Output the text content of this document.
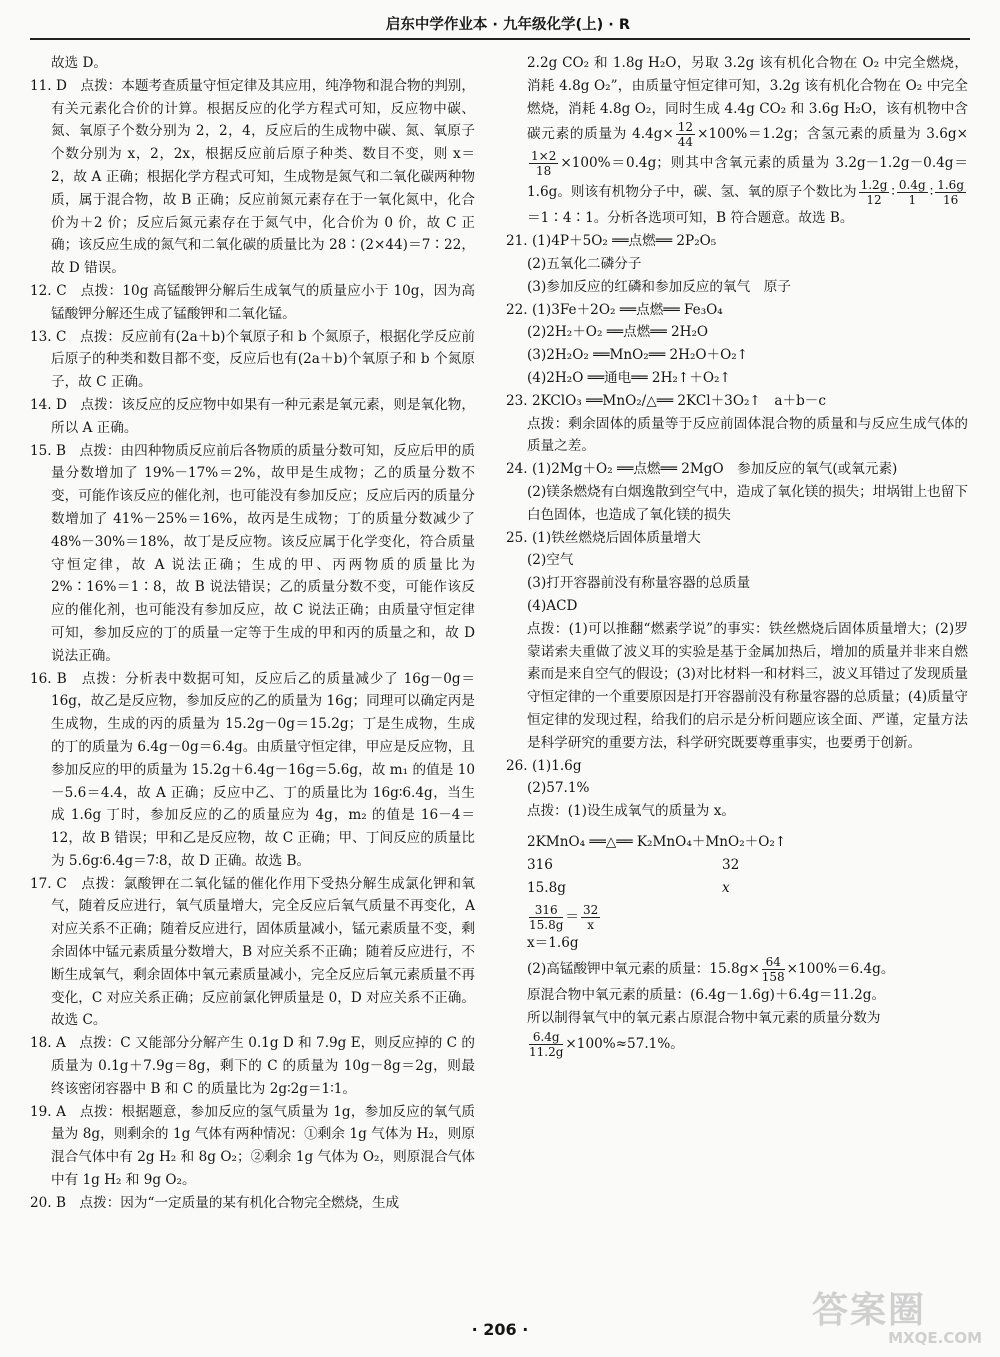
启东中学作业本 · 九年级化学(上) · R

故选 D。

11. D　点拨：本题考查质量守恒定律及其应用，纯净物和混合物的判别，有关元素化合价的计算。根据反应的化学方程式可知，反应物中碳、氮、氧原子个数分别为 2，2，4，反应后的生成物中碳、氮、氧原子个数分别为 x，2，2x，根据反应前后原子种类、数目不变，则 x＝2，故 A 正确；根据化学方程式可知，生成物是氮气和二氧化碳两种物质，属于混合物，故 B 正确；反应前氮元素存在于一氧化氮中，化合价为＋2 价；反应后氮元素存在于氮气中，化合价为 0 价，故 C 正确；该反应生成的氮气和二氧化碳的质量比为 28∶(2×44)＝7∶22，故 D 错误。

12. C　点拨：10g 高锰酸钾分解后生成氧气的质量应小于 10g，因为高锰酸钾分解还生成了锰酸钾和二氧化锰。

13. C　点拨：反应前有(2a＋b)个氧原子和 b 个氮原子，根据化学反应前后原子的种类和数目都不变，反应后也有(2a＋b)个氧原子和 b 个氮原子，故 C 正确。

14. D　点拨：该反应的反应物中如果有一种元素是氧元素，则是氧化物，所以 A 正确。

15. B　点拨：由四种物质反应前后各物质的质量分数可知，反应后甲的质量分数增加了 19%－17%＝2%，故甲是生成物；乙的质量分数不变，可能作该反应的催化剂，也可能没有参加反应；反应后丙的质量分数增加了 41%－25%＝16%，故丙是生成物；丁的质量分数减少了 48%－30%＝18%，故丁是反应物。该反应属于化学变化，符合质量守恒定律，故 A 说法正确；生成的甲、丙两物质的质量比为 2%∶16%＝1∶8，故 B 说法错误；乙的质量分数不变，可能作该反应的催化剂，也可能没有参加反应，故 C 说法正确；由质量守恒定律可知，参加反应的丁的质量一定等于生成的甲和丙的质量之和，故 D 说法正确。

16. B　点拨：分析表中数据可知，反应后乙的质量减少了 16g－0g＝16g，故乙是反应物，参加反应的乙的质量为 16g；同理可以确定丙是生成物，生成的丙的质量为 15.2g－0g＝15.2g；丁是生成物，生成的丁的质量为 6.4g－0g＝6.4g。由质量守恒定律，甲应是反应物，且参加反应的甲的质量为 15.2g＋6.4g－16g＝5.6g，故 m₁ 的值是 10－5.6＝4.4，故 A 正确；反应中乙、丁的质量比为 16g∶6.4g，当生成 1.6g 丁时，参加反应的乙的质量应为 4g，m₂ 的值是 16－4＝12，故 B 错误；甲和乙是反应物，故 C 正确；甲、丁间反应的质量比为 5.6g∶6.4g＝7∶8，故 D 正确。故选 B。

17. C　点拨：氯酸钾在二氧化锰的催化作用下受热分解生成氯化钾和氧气，随着反应进行，氧气质量增大，完全反应后氧气质量不再变化，A 对应关系不正确；随着反应进行，固体质量减小，锰元素质量不变，剩余固体中锰元素质量分数增大，B 对应关系不正确；随着反应进行，不断生成氧气，剩余固体中氧元素质量减小，完全反应后氧元素质量不再变化，C 对应关系正确；反应前氯化钾质量是 0，D 对应关系不正确。故选 C。

18. A　点拨：C 又能部分分解产生 0.1g D 和 7.9g E，则反应掉的 C 的质量为 0.1g＋7.9g＝8g，剩下的 C 的质量为 10g－8g＝2g，则最终该密闭容器中 B 和 C 的质量比为 2g∶2g＝1∶1。

19. A　点拨：根据题意，参加反应的氢气质量为 1g，参加反应的氧气质量为 8g，则剩余的 1g 气体有两种情况：①剩余 1g 气体为 H₂，则原混合气体中有 2g H₂ 和 8g O₂；②剩余 1g 气体为 O₂，则原混合气体中有 1g H₂ 和 9g O₂。

20. B　点拨：因为“一定质量的某有机化合物完全燃烧，生成

2.2g CO₂ 和 1.8g H₂O，另取 3.2g 该有机化合物在 O₂ 中完全燃烧，消耗 4.8g O₂”，由质量守恒定律可知，3.2g 该有机化合物在 O₂ 中完全燃烧，消耗 4.8g O₂，同时生成 4.4g CO₂ 和 3.6g H₂O，该有机物中含碳元素的质量为 $4.4g\times \frac{12}{44} \times 100\%=1.2g$；含氢元素的质量为 3.6g×
$\frac{1\times 2}{18} \times 100\%=0.4g$；则其中含氧元素的质量为 3.2g－1.2g－0.4g＝1.6g。则该有机物分子中，碳、氢、氧的原子个数比为 $\frac{1.2g}{12}$ ∶ $\frac{0.4g}{1}$ ∶ $\frac{1.6g}{16}$
＝1∶4∶1。分析各选项可知，B 符合题意。故选 B。

21. (1)4P＋5O₂ ══点燃══ 2P₂O₅

(2)五氧化二磷分子

(3)参加反应的红磷和参加反应的氧气　原子

22. (1)3Fe＋2O₂ ══点燃══ Fe₃O₄

(2)2H₂＋O₂ ══点燃══ 2H₂O

(3)2H₂O₂ ══MnO₂══ 2H₂O＋O₂↑

(4)2H₂O ══通电══ 2H₂↑＋O₂↑

23. 2KClO₃ ══MnO₂/△══ 2KCl＋3O₂↑　a＋b－c

点拨：剩余固体的质量等于反应前固体混合物的质量和与反应生成气体的质量之差。

24. (1)2Mg＋O₂ ══点燃══ 2MgO　参加反应的氧气(或氧元素)

(2)镁条燃烧有白烟逸散到空气中，造成了氧化镁的损失；坩埚钳上也留下白色固体，也造成了氧化镁的损失

25. (1)铁丝燃烧后固体质量增大

(2)空气

(3)打开容器前没有称量容器的总质量

(4)ACD

点拨：(1)可以推翻“燃素学说”的事实：铁丝燃烧后固体质量增大；(2)罗蒙诺索夫重做了波义耳的实验是基于金属加热后，增加的质量并非来自燃素而是来自空气的假设；(3)对比材料一和材料三，波义耳错过了发现质量守恒定律的一个重要原因是打开容器前没有称量容器的总质量；(4)质量守恒定律的发现过程，给我们的启示是分析问题应该全面、严谨，定量方法是科学研究的重要方法，科学研究既要尊重事实，也要勇于创新。

26. (1)1.6g

(2)57.1%

点拨：(1)设生成氧气的质量为 x。

2KMnO₄ ══△══ K₂MnO₄＋MnO₂＋O₂↑

316	32
15.8g	x

$\frac{316}{15.8g} = \frac{32}{x}$

x＝1.6g

(2)高锰酸钾中氧元素的质量：$15.8g\times \frac{64}{158} \times 100\%=6.4g$。

原混合物中氧元素的质量：(6.4g－1.6g)＋6.4g＝11.2g。

所以制得氧气中的氧元素占原混合物中氧元素的质量分数为

$\frac{6.4g}{11.2g} \times 100\%\approx 57.1\%$。

· 206 ·	答案圈
MXQE.COM
